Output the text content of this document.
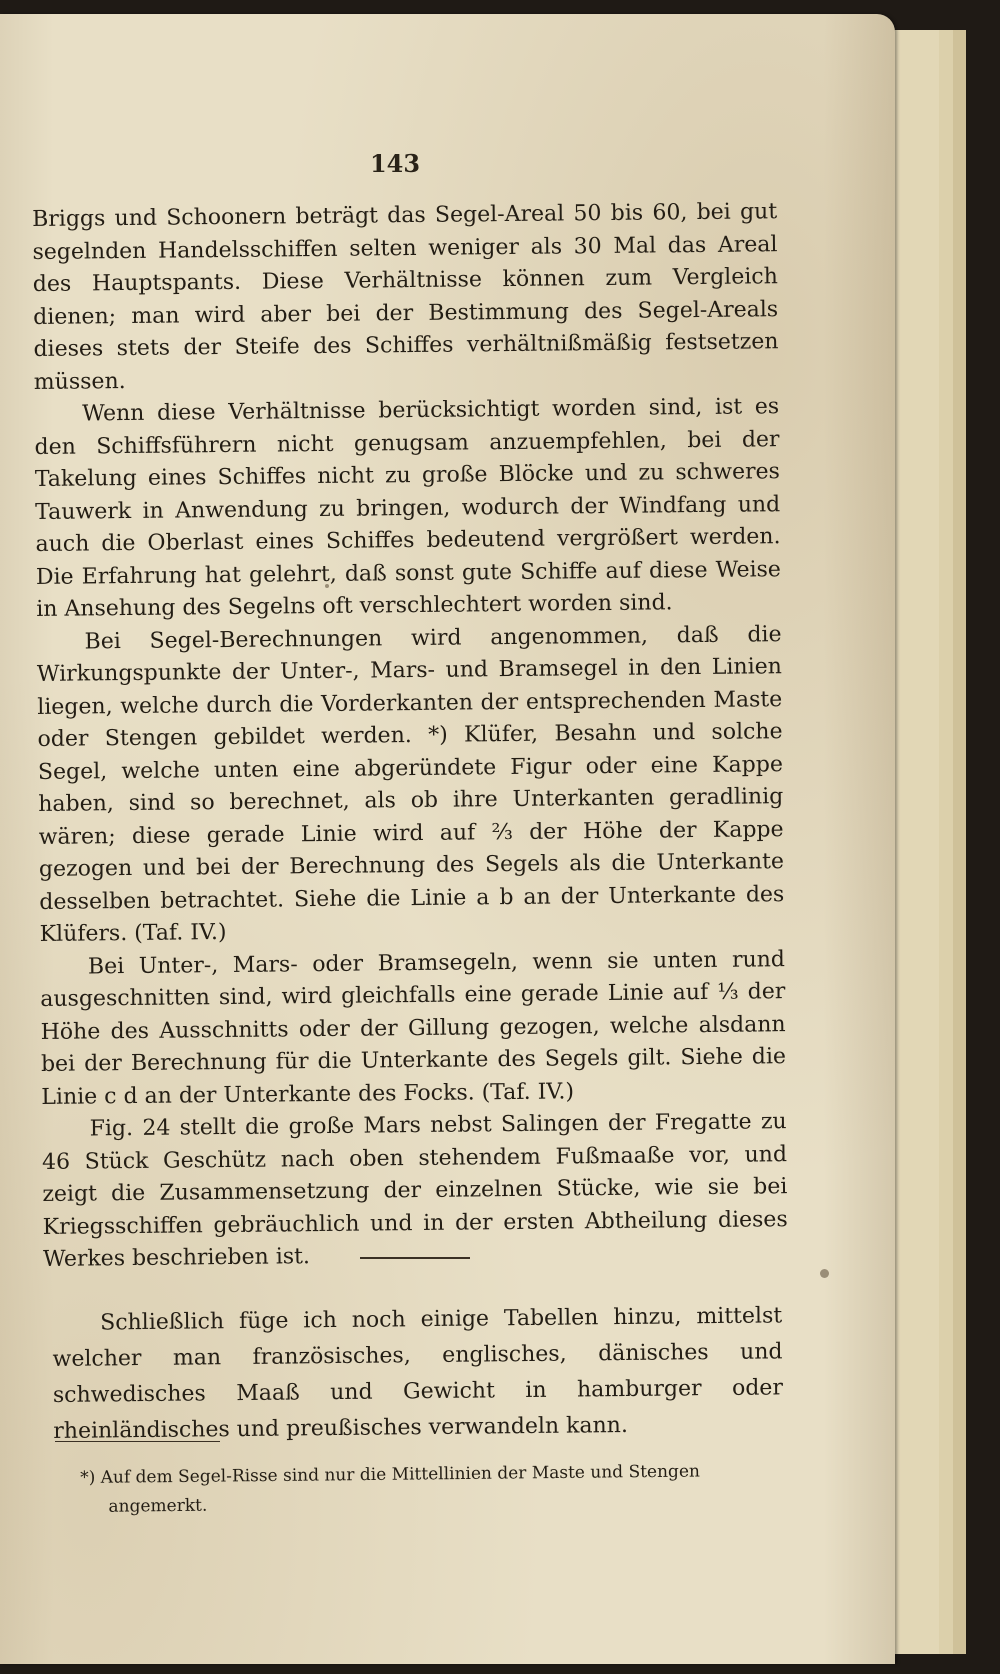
143

Briggs und Schoonern beträgt das Segel-Areal 50 bis 60, bei gut segelnden Handelsschiffen selten weniger als 30 Mal das Areal des Hauptspants. Diese Verhältnisse können zum Vergleich dienen; man wird aber bei der Bestimmung des Segel-Areals dieses stets der Steife des Schiffes verhältnißmäßig festsetzen müssen.

Wenn diese Verhältnisse berücksichtigt worden sind, ist es den Schiffsführern nicht genugsam anzuempfehlen, bei der Takelung eines Schiffes nicht zu große Blöcke und zu schweres Tauwerk in Anwendung zu bringen, wodurch der Windfang und auch die Oberlast eines Schiffes bedeutend vergrößert werden. Die Erfahrung hat gelehrt, daß sonst gute Schiffe auf diese Weise in Ansehung des Segelns oft verschlechtert worden sind.

Bei Segel-Berechnungen wird angenommen, daß die Wirkungspunkte der Unter-, Mars- und Bramsegel in den Linien liegen, welche durch die Vorderkanten der entsprechenden Maste oder Stengen gebildet werden. *) Klüfer, Besahn und solche Segel, welche unten eine abgeründete Figur oder eine Kappe haben, sind so berechnet, als ob ihre Unterkanten geradlinig wären; diese gerade Linie wird auf ⅔ der Höhe der Kappe gezogen und bei der Berechnung des Segels als die Unterkante desselben betrachtet. Siehe die Linie a b an der Unterkante des Klüfers. (Taf. IV.)

Bei Unter-, Mars- oder Bramsegeln, wenn sie unten rund ausgeschnitten sind, wird gleichfalls eine gerade Linie auf ⅓ der Höhe des Ausschnitts oder der Gillung gezogen, welche alsdann bei der Berechnung für die Unterkante des Segels gilt. Siehe die Linie c d an der Unterkante des Focks. (Taf. IV.)

Fig. 24 stellt die große Mars nebst Salingen der Fregatte zu 46 Stück Geschütz nach oben stehendem Fußmaaße vor, und zeigt die Zusammensetzung der einzelnen Stücke, wie sie bei Kriegsschiffen gebräuchlich und in der ersten Abtheilung dieses Werkes beschrieben ist.

Schließlich füge ich noch einige Tabellen hinzu, mittelst welcher man französisches, englisches, dänisches und schwedisches Maaß und Gewicht in hamburger oder rheinländisches und preußisches verwandeln kann.

*) Auf dem Segel-Risse sind nur die Mittellinien der Maste und Stengen angemerkt.
